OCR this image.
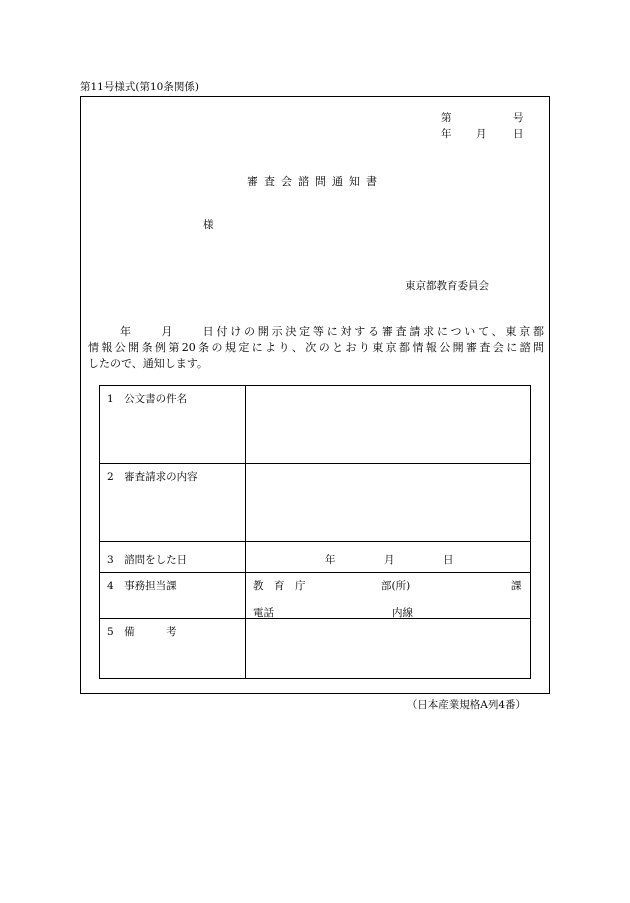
第11号様式(第10条関係)
第	号
年 月	日
審査会諮問通知書
様
東京都教育委員会

年　　月　　日付けの開示決定等に対する審査請求について、東京都

情報公開条例第20条の規定により、次のとおり東京都情報公開審査会に諮問

したので、通知します。

1　公文書の件名
2　審査請求の内容
3　諮問をした日	年	月	日
4　事務担当課	教　育　庁	部(所)	課
電話	内線
5　備　　　考
（日本産業規格A列4番）
